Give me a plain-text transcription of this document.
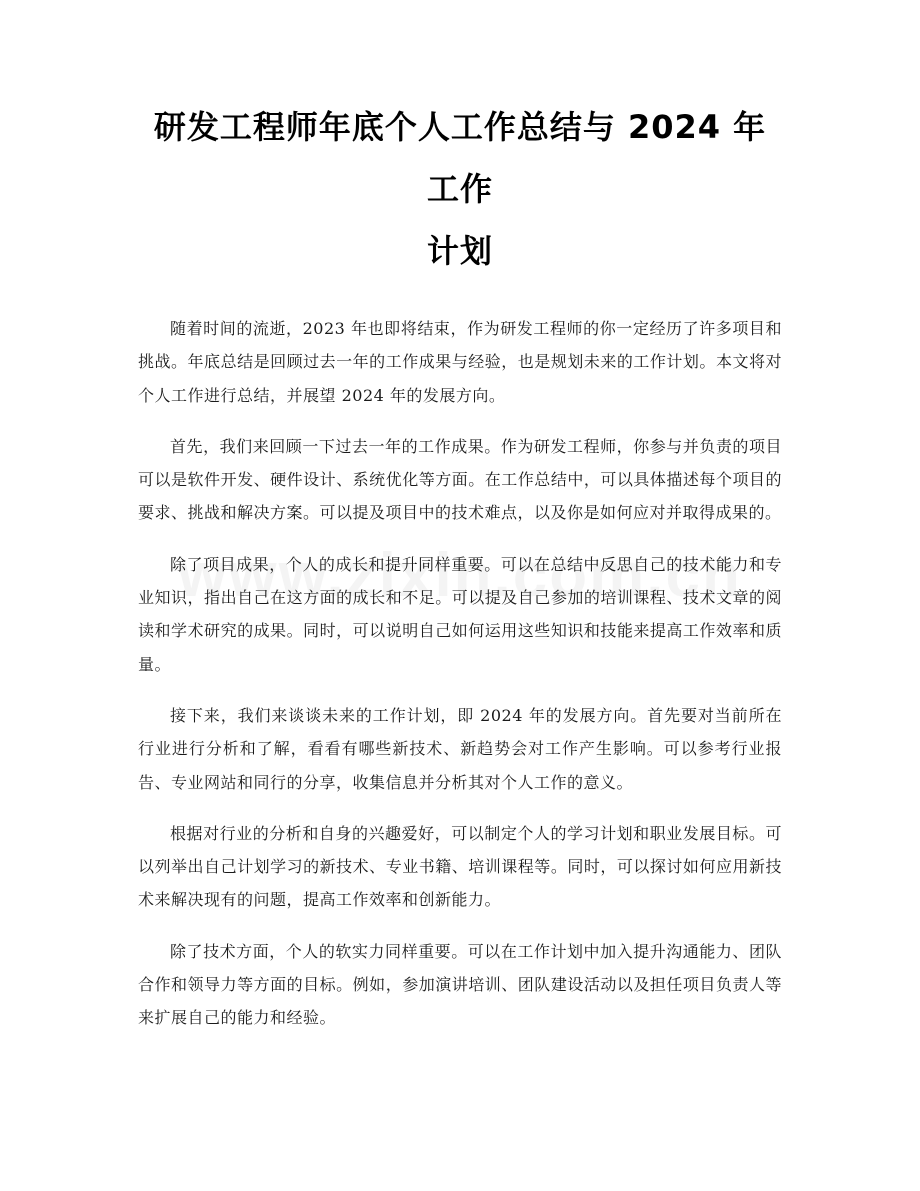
研发工程师年底个人工作总结与 2024 年工作
计划

随着时间的流逝，2023 年也即将结束，作为研发工程师的你一定经历了许多项目和挑战。年底总结是回顾过去一年的工作成果与经验，也是规划未来的工作计划。本文将对个人工作进行总结，并展望 2024 年的发展方向。

首先，我们来回顾一下过去一年的工作成果。作为研发工程师，你参与并负责的项目可以是软件开发、硬件设计、系统优化等方面。在工作总结中，可以具体描述每个项目的要求、挑战和解决方案。可以提及项目中的技术难点，以及你是如何应对并取得成果的。

除了项目成果，个人的成长和提升同样重要。可以在总结中反思自己的技术能力和专业知识，指出自己在这方面的成长和不足。可以提及自己参加的培训课程、技术文章的阅读和学术研究的成果。同时，可以说明自己如何运用这些知识和技能来提高工作效率和质量。

接下来，我们来谈谈未来的工作计划，即 2024 年的发展方向。首先要对当前所在行业进行分析和了解，看看有哪些新技术、新趋势会对工作产生影响。可以参考行业报告、专业网站和同行的分享，收集信息并分析其对个人工作的意义。

根据对行业的分析和自身的兴趣爱好，可以制定个人的学习计划和职业发展目标。可以列举出自己计划学习的新技术、专业书籍、培训课程等。同时，可以探讨如何应用新技术来解决现有的问题，提高工作效率和创新能力。

除了技术方面，个人的软实力同样重要。可以在工作计划中加入提升沟通能力、团队合作和领导力等方面的目标。例如，参加演讲培训、团队建设活动以及担任项目负责人等来扩展自己的能力和经验。
